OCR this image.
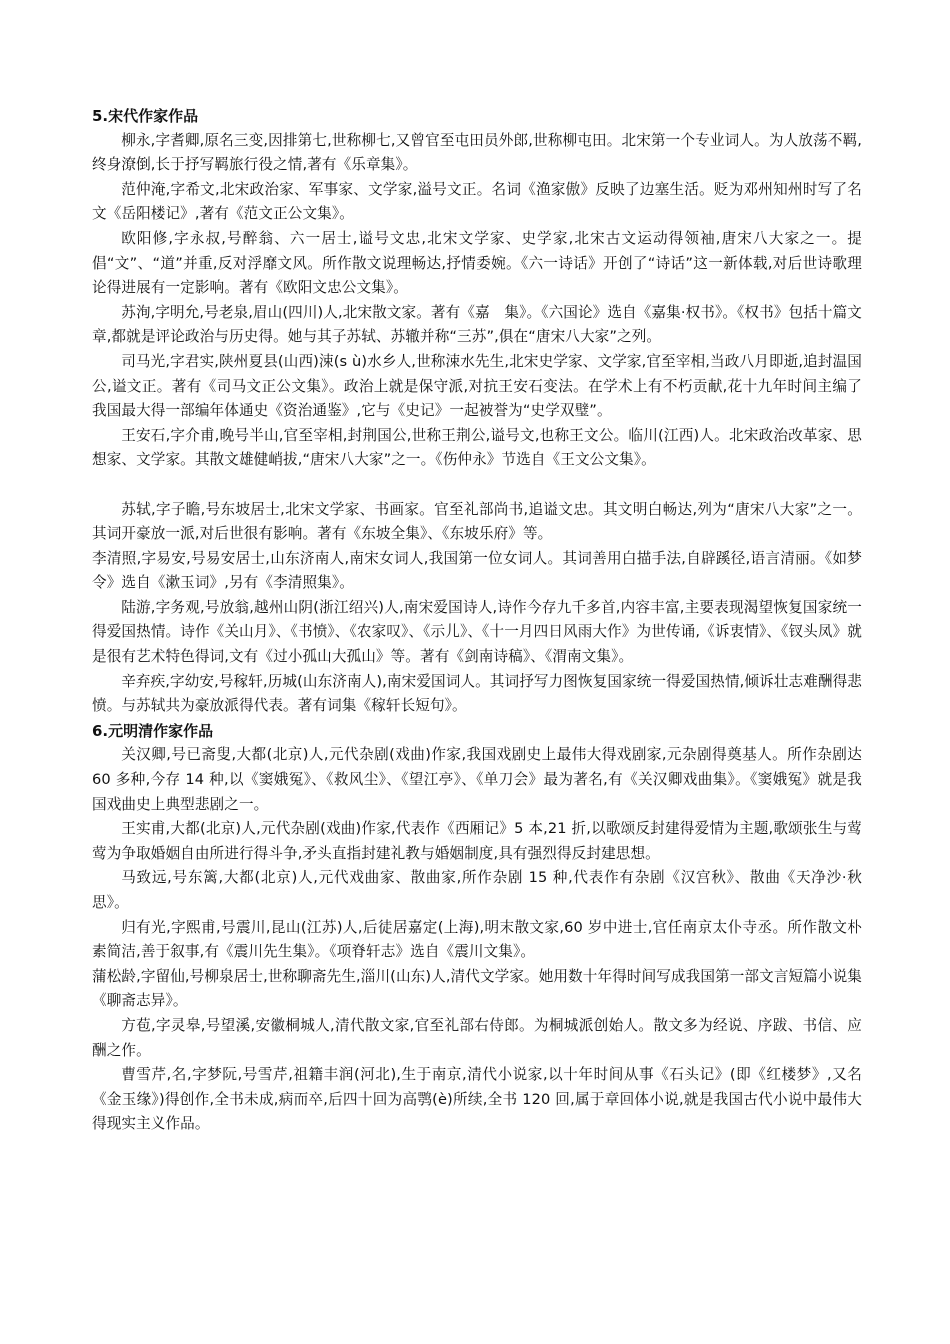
5.宋代作家作品

柳永,字耆卿,原名三变,因排第七,世称柳七,又曾官至屯田员外郎,世称柳屯田。北宋第一个专业词人。为人放荡不羁,终身潦倒,长于抒写羁旅行役之情,著有《乐章集》。

范仲淹,字希文,北宋政治家、军事家、文学家,溢号文正。名词《渔家傲》反映了边塞生活。贬为邓州知州时写了名文《岳阳楼记》,著有《范文正公文集》。

欧阳修,字永叔,号醉翁、六一居士,谥号文忠,北宋文学家、史学家,北宋古文运动得领袖,唐宋八大家之一。提倡“文”、“道”并重,反对浮靡文风。所作散文说理畅达,抒情委婉。《六一诗话》开创了“诗话”这一新体载,对后世诗歌理论得进展有一定影响。著有《欧阳文忠公文集》。

苏洵,字明允,号老泉,眉山(四川)人,北宋散文家。著有《嘉　集》。《六国论》选自《嘉集·权书》。《权书》包括十篇文章,都就是评论政治与历史得。她与其子苏轼、苏辙并称“三苏”,俱在“唐宋八大家”之列。

司马光,字君实,陕州夏县(山西)涑(s ù)水乡人,世称涑水先生,北宋史学家、文学家,官至宰相,当政八月即逝,追封温国公,谥文正。著有《司马文正公文集》。政治上就是保守派,对抗王安石变法。在学术上有不朽贡献,花十九年时间主编了我国最大得一部编年体通史《资治通鉴》,它与《史记》一起被誉为“史学双璧”。

王安石,字介甫,晚号半山,官至宰相,封荆国公,世称王荆公,谥号文,也称王文公。临川(江西)人。北宋政治改革家、思想家、文学家。其散文雄健峭拔,“唐宋八大家”之一。《伤仲永》节选自《王文公文集》。

苏轼,字子瞻,号东坡居士,北宋文学家、书画家。官至礼部尚书,追谥文忠。其文明白畅达,列为“唐宋八大家”之一。其词开豪放一派,对后世很有影响。著有《东坡全集》、《东坡乐府》等。

李清照,字易安,号易安居士,山东济南人,南宋女词人,我国第一位女词人。其词善用白描手法,自辟蹊径,语言清丽。《如梦令》选自《漱玉词》,另有《李清照集》。

陆游,字务观,号放翁,越州山阴(浙江绍兴)人,南宋爱国诗人,诗作今存九千多首,内容丰富,主要表现渴望恢复国家统一得爱国热情。诗作《关山月》、《书愤》、《农家叹》、《示儿》、《十一月四日风雨大作》为世传诵,《诉衷情》、《钗头凤》就是很有艺术特色得词,文有《过小孤山大孤山》等。著有《剑南诗稿》、《渭南文集》。

辛弃疾,字幼安,号稼轩,历城(山东济南人),南宋爱国词人。其词抒写力图恢复国家统一得爱国热情,倾诉壮志难酬得悲愤。与苏轼共为豪放派得代表。著有词集《稼轩长短句》。

6.元明清作家作品

关汉卿,号已斋叟,大都(北京)人,元代杂剧(戏曲)作家,我国戏剧史上最伟大得戏剧家,元杂剧得奠基人。所作杂剧达 60 多种,今存 14 种,以《窦娥冤》、《救风尘》、《望江亭》、《单刀会》最为著名,有《关汉卿戏曲集》。《窦娥冤》就是我国戏曲史上典型悲剧之一。

王实甫,大都(北京)人,元代杂剧(戏曲)作家,代表作《西厢记》5 本,21 折,以歌颂反封建得爱情为主题,歌颂张生与莺莺为争取婚姻自由所进行得斗争,矛头直指封建礼教与婚姻制度,具有强烈得反封建思想。

马致远,号东篱,大都(北京)人,元代戏曲家、散曲家,所作杂剧 15 种,代表作有杂剧《汉宫秋》、散曲《天净沙·秋思》。

归有光,字熙甫,号震川,昆山(江苏)人,后徒居嘉定(上海),明末散文家,60 岁中进士,官任南京太仆寺丞。所作散文朴素简洁,善于叙事,有《震川先生集》。《项脊轩志》选自《震川文集》。

蒲松龄,字留仙,号柳泉居士,世称聊斋先生,淄川(山东)人,清代文学家。她用数十年得时间写成我国第一部文言短篇小说集《聊斋志异》。

方苞,字灵皋,号望溪,安徽桐城人,清代散文家,官至礼部右侍郎。为桐城派创始人。散文多为经说、序跋、书信、应酬之作。

曹雪芹,名,字梦阮,号雪芹,祖籍丰润(河北),生于南京,清代小说家,以十年时间从事《石头记》(即《红楼梦》,又名《金玉缘》)得创作,全书未成,病而卒,后四十回为高鹗(è)所续,全书 120 回,属于章回体小说,就是我国古代小说中最伟大得现实主义作品。
